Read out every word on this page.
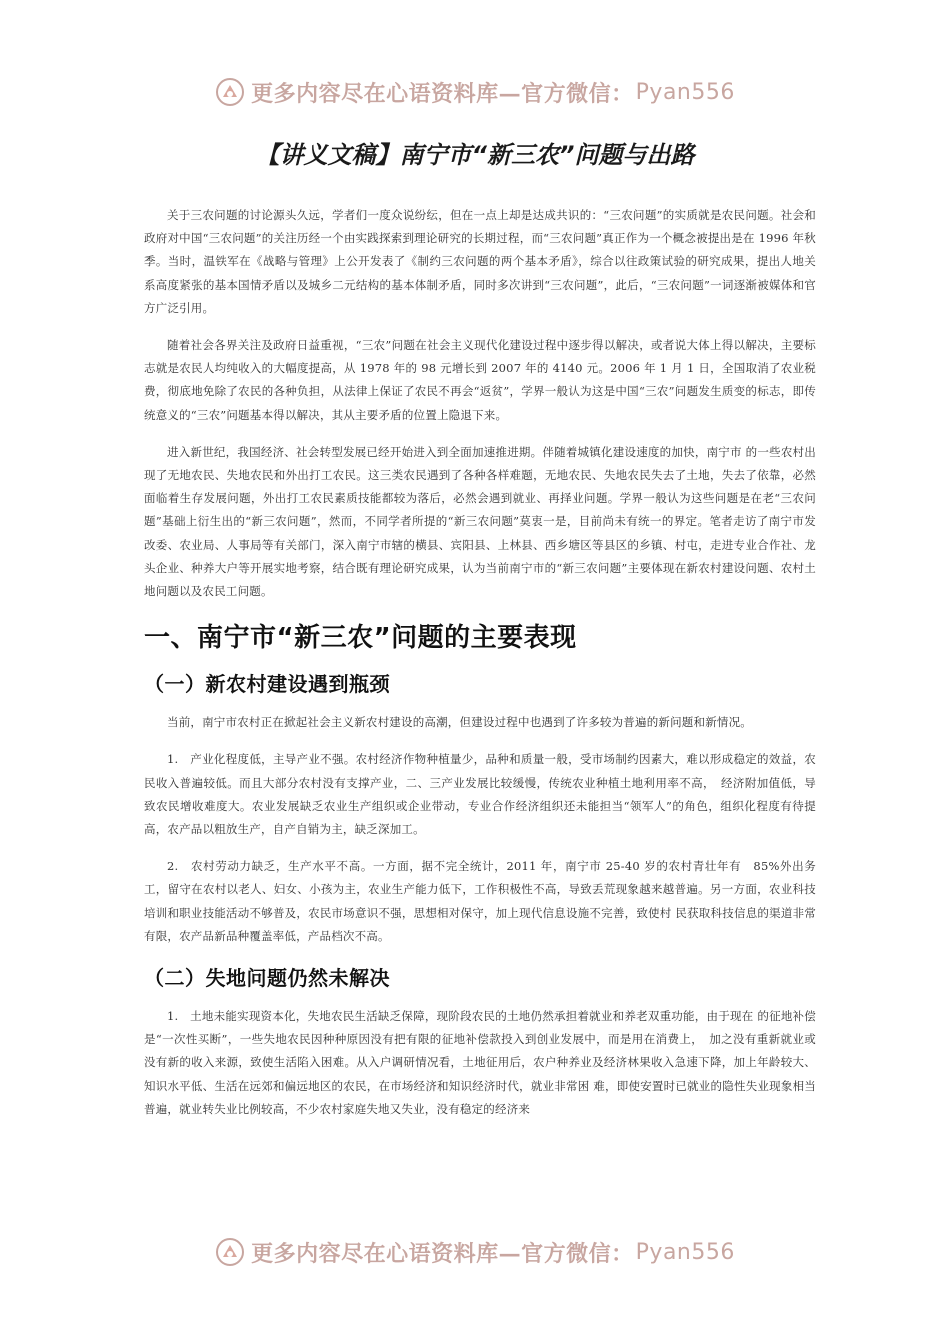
更多内容尽在心语资料库—官方微信： Pyan556
【讲义文稿】南宁市“新三农”问题与出路

关于三农问题的讨论源头久远，学者们一度众说纷纭，但在一点上却是达成共识的：“三农问题”的实质就是农民问题。社会和政府对中国“三农问题”的关注历经一个由实践探索到理论研究的长期过程，而“三农问题”真正作为一个概念被提出是在 1996 年秋季。当时，温铁军在《战略与管理》上公开发表了《制约三农问题的两个基本矛盾》，综合以往政策试验的研究成果，提出人地关系高度紧张的基本国情矛盾以及城乡二元结构的基本体制矛盾，同时多次讲到“三农问题”，此后，“三农问题”一词逐渐被媒体和官方广泛引用。

随着社会各界关注及政府日益重视，“三农”问题在社会主义现代化建设过程中逐步得以解决，或者说大体上得以解决，主要标志就是农民人均纯收入的大幅度提高，从 1978 年的 98 元增长到 2007 年的 4140 元。2006 年 1 月 1 日，全国取消了农业税费，彻底地免除了农民的各种负担，从法律上保证了农民不再会“返贫”，学界一般认为这是中国“三农”问题发生质变的标志，即传统意义的“三农”问题基本得以解决，其从主要矛盾的位置上隐退下来。

进入新世纪，我国经济、社会转型发展已经开始进入到全面加速推进期。伴随着城镇化建设速度的加快，南宁市 的一些农村出现了无地农民、失地农民和外出打工农民。这三类农民遇到了各种各样难题，无地农民、失地农民失去了土地，失去了依靠，必然面临着生存发展问题，外出打工农民素质技能都较为落后，必然会遇到就业、再择业问题。学界一般认为这些问题是在老“三农问题”基础上衍生出的“新三农问题”，然而，不同学者所提的“新三农问题”莫衷一是，目前尚未有统一的界定。笔者走访了南宁市发改委、农业局、人事局等有关部门，深入南宁市辖的横县、宾阳县、上林县、西乡塘区等县区的乡镇、村屯，走进专业合作社、龙头企业、种养大户等开展实地考察，结合既有理论研究成果，认为当前南宁市的“新三农问题”主要体现在新农村建设问题、农村土地问题以及农民工问题。

一、南宁市“新三农”问题的主要表现
（一）新农村建设遇到瓶颈

当前，南宁市农村正在掀起社会主义新农村建设的高潮，但建设过程中也遇到了许多较为普遍的新问题和新情况。

1.　产业化程度低，主导产业不强。农村经济作物种植量少，品种和质量一般，受市场制约因素大，难以形成稳定的效益，农民收入普遍较低。而且大部分农村没有支撑产业，二、三产业发展比较缓慢，传统农业种植土地利用率不高，　经济附加值低，导致农民增收难度大。农业发展缺乏农业生产组织或企业带动，专业合作经济组织还未能担当“领军人”的角色，组织化程度有待提高，农产品以粗放生产，自产自销为主，缺乏深加工。

2.　农村劳动力缺乏，生产水平不高。一方面，据不完全统计，2011 年，南宁市 25-40 岁的农村青壮年有　85%外出务工，留守在农村以老人、妇女、小孩为主，农业生产能力低下，工作积极性不高，导致丢荒现象越来越普遍。另一方面，农业科技培训和职业技能活动不够普及，农民市场意识不强，思想相对保守，加上现代信息设施不完善，致使村 民获取科技信息的渠道非常有限，农产品新品种覆盖率低，产品档次不高。

（二）失地问题仍然未解决

1.　土地未能实现资本化，失地农民生活缺乏保障，现阶段农民的土地仍然承担着就业和养老双重功能，由于现在 的征地补偿是“一次性买断”，一些失地农民因种种原因没有把有限的征地补偿款投入到创业发展中，而是用在消费上，　加之没有重新就业或没有新的收入来源，致使生活陷入困难。从入户调研情况看，土地征用后，农户种养业及经济林果收入急速下降，加上年龄较大、知识水平低、生活在远郊和偏远地区的农民，在市场经济和知识经济时代，就业非常困 难，即使安置时已就业的隐性失业现象相当普遍，就业转失业比例较高，不少农村家庭失地又失业，没有稳定的经济来

更多内容尽在心语资料库—官方微信： Pyan556
